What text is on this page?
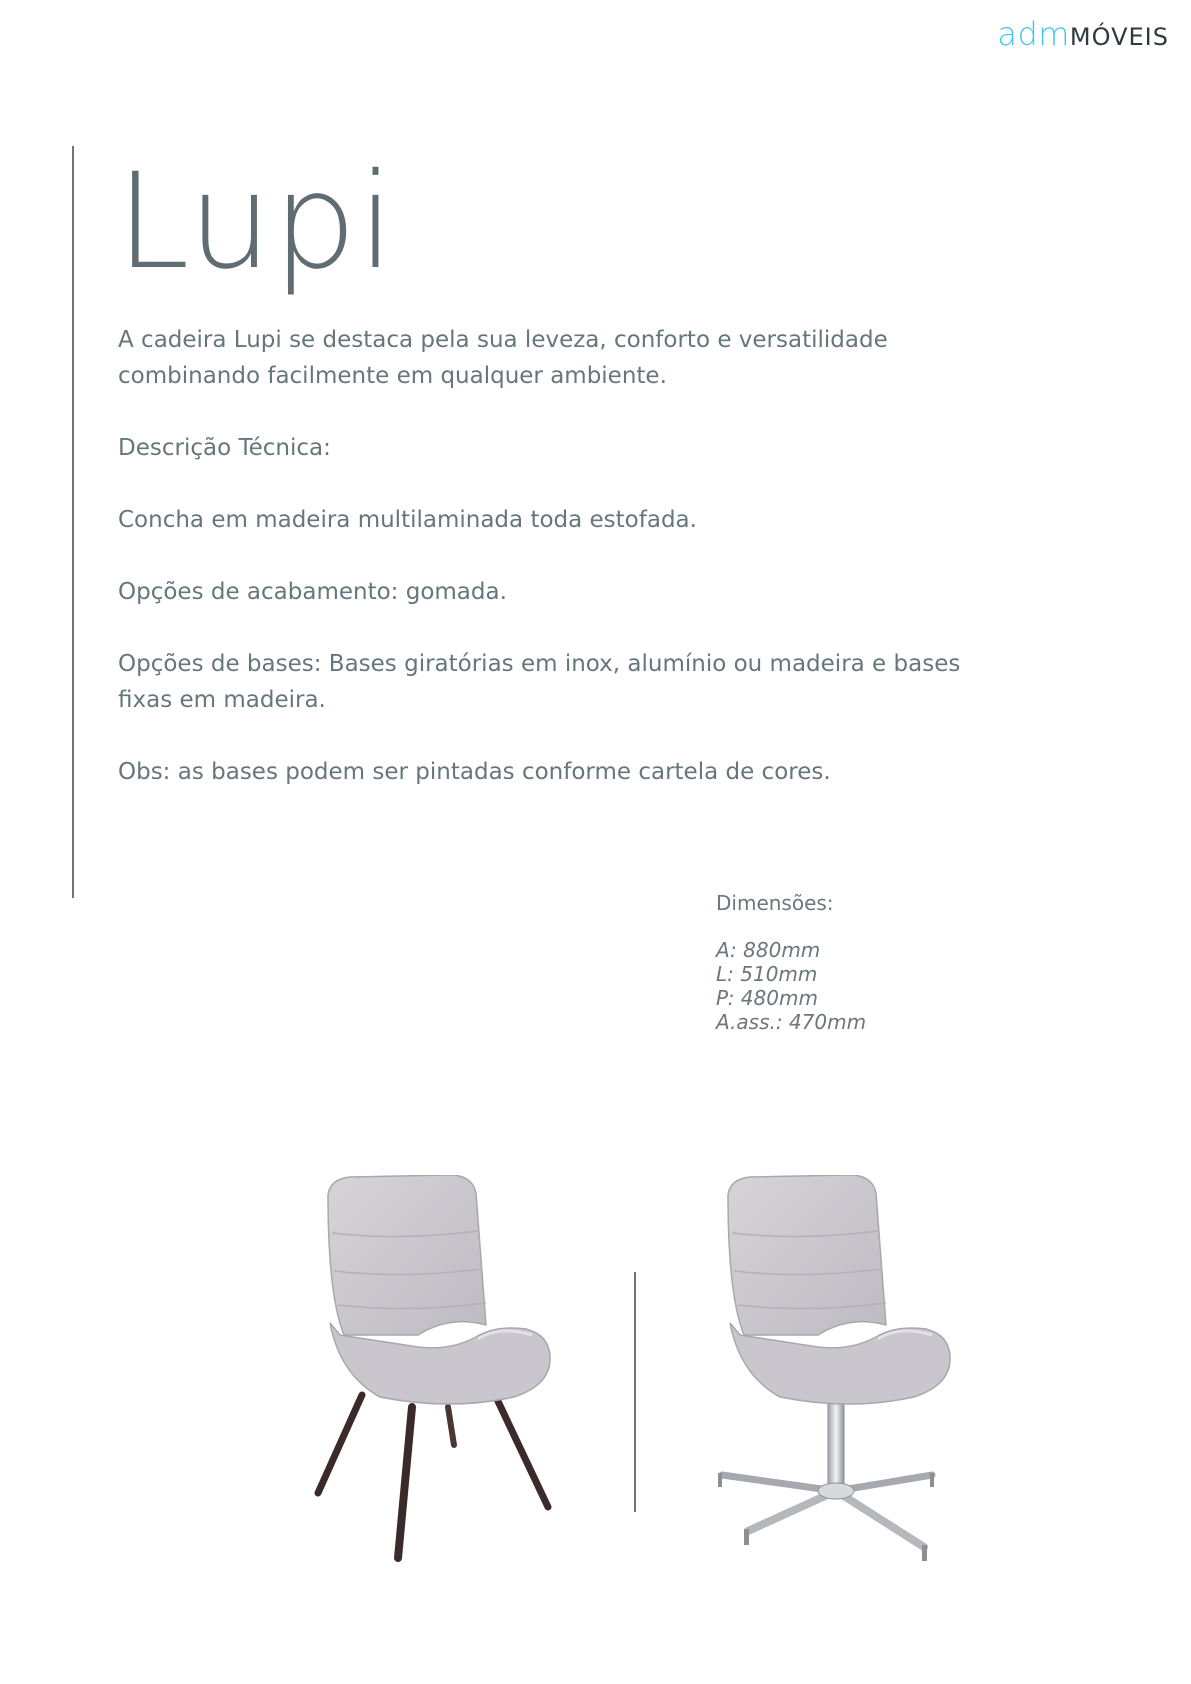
admMÓVEIS
Lupi

A cadeira Lupi se destaca pela sua leveza, conforto e versatilidade combinando facilmente em qualquer ambiente.

Descrição Técnica:

Concha em madeira multilaminada toda estofada.

Opções de acabamento: gomada.

Opções de bases: Bases giratórias em inox, alumínio ou madeira e bases fixas em madeira.

Obs: as bases podem ser pintadas conforme cartela de cores.

Dimensões:

A: 880mm

L: 510mm

P: 480mm

A.ass.: 470mm
